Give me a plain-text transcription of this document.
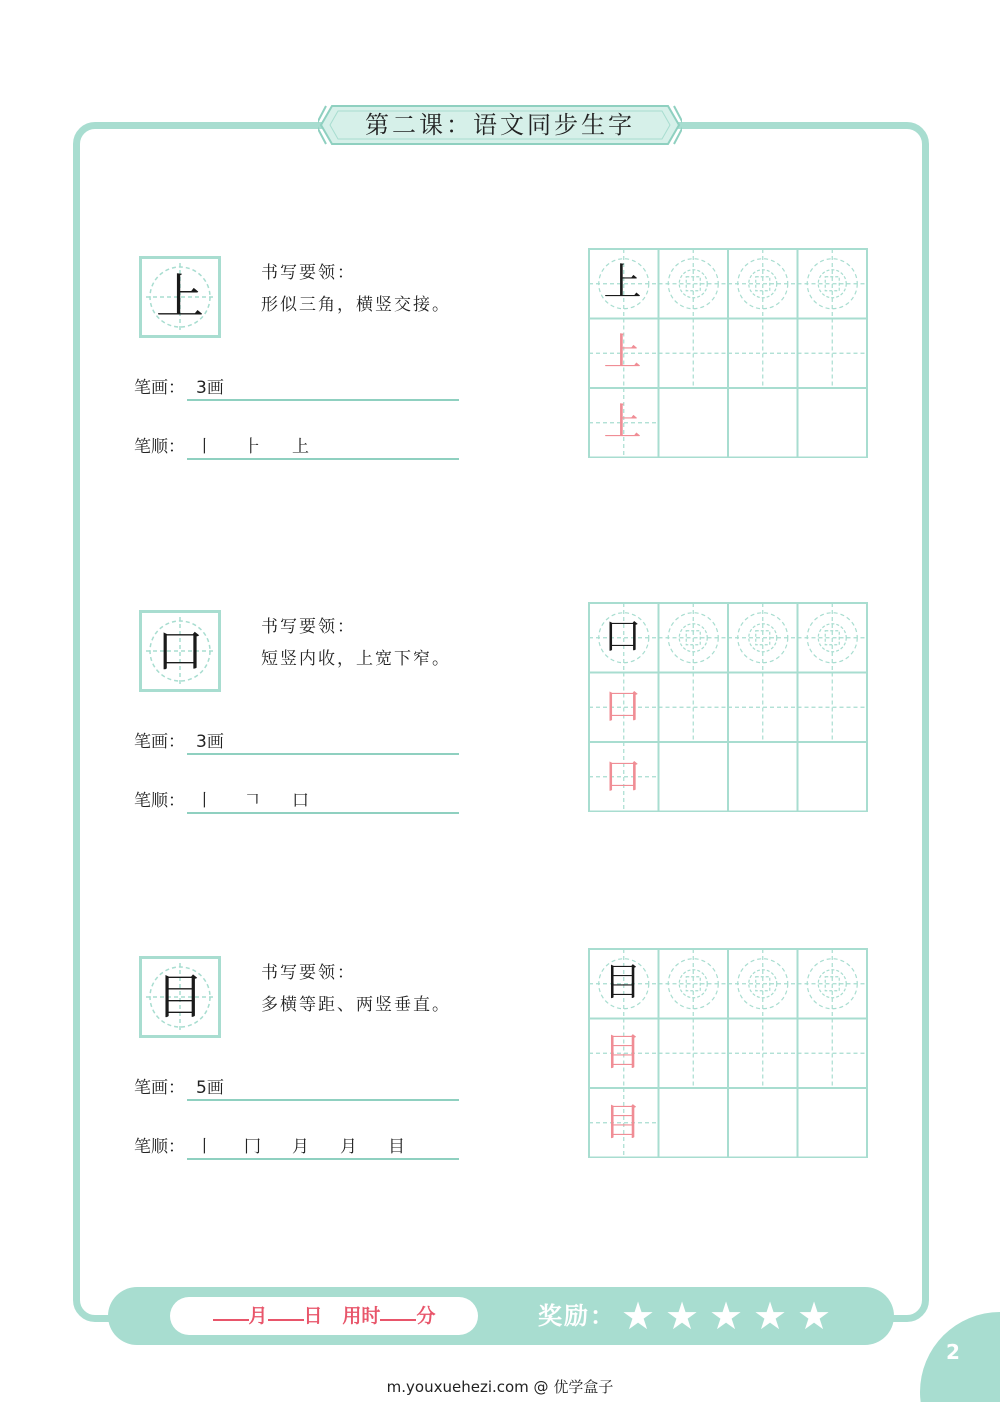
第二课：语文同步生字
上	书写要领：
形似三角，横竖交接。
笔画： 3画
笔顺： 丨	⺊	上
上
上
上
口	书写要领：
短竖内收，上宽下窄。
笔画： 3画
笔顺： 丨	𠃍	口
口
口
口
目	书写要领：
多横等距、两竖垂直。
笔画： 5画
笔顺： 丨	冂	月	月	目
目
目
目
月 日 用时 分	奖励： ★ ★ ★ ★ ★
2
m.youxuehezi.com @ 优学盒子
